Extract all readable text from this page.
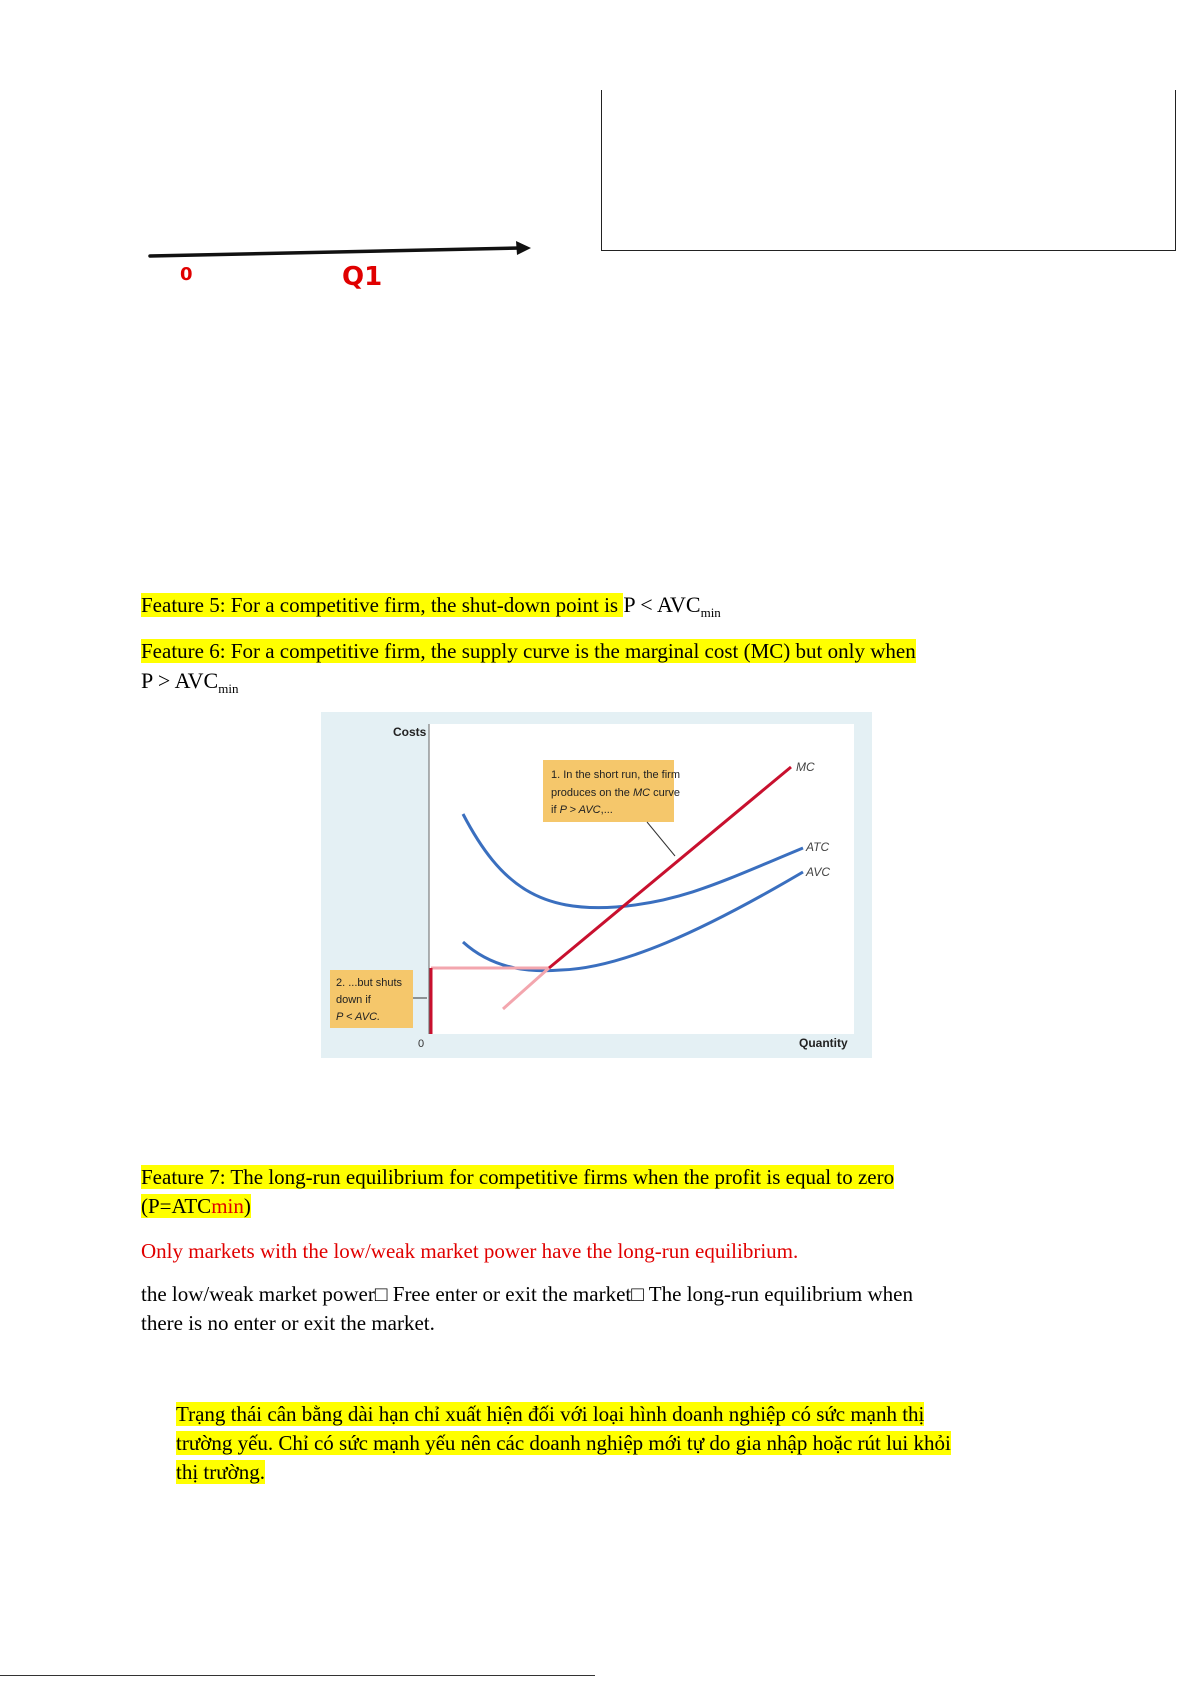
0	Q1
Feature 5: For a competitive firm, the shut-down point is $P < AVC_{min}$
Feature 6: For a competitive firm, the supply curve is the marginal cost (MC) but only when
$P > AVC_{min}$
Costs
Quantity
0
ATC
AVC
MC
1. In the short run, the firm produces on the MC curve if P > AVC,...
2. ...but shuts down if P < AVC.
Feature 7: The long-run equilibrium for competitive firms when the profit is equal to zero
(P=ATCmin)
Only markets with the low/weak market power have the long-run equilibrium.
the low/weak market power□ Free enter or exit the market□ The long-run equilibrium when
there is no enter or exit the market.
Trạng thái cân bằng dài hạn chỉ xuất hiện đối với loại hình doanh nghiệp có sức mạnh thị
trường yếu. Chỉ có sức mạnh yếu nên các doanh nghiệp mới tự do gia nhập hoặc rút lui khỏi
thị trường.
